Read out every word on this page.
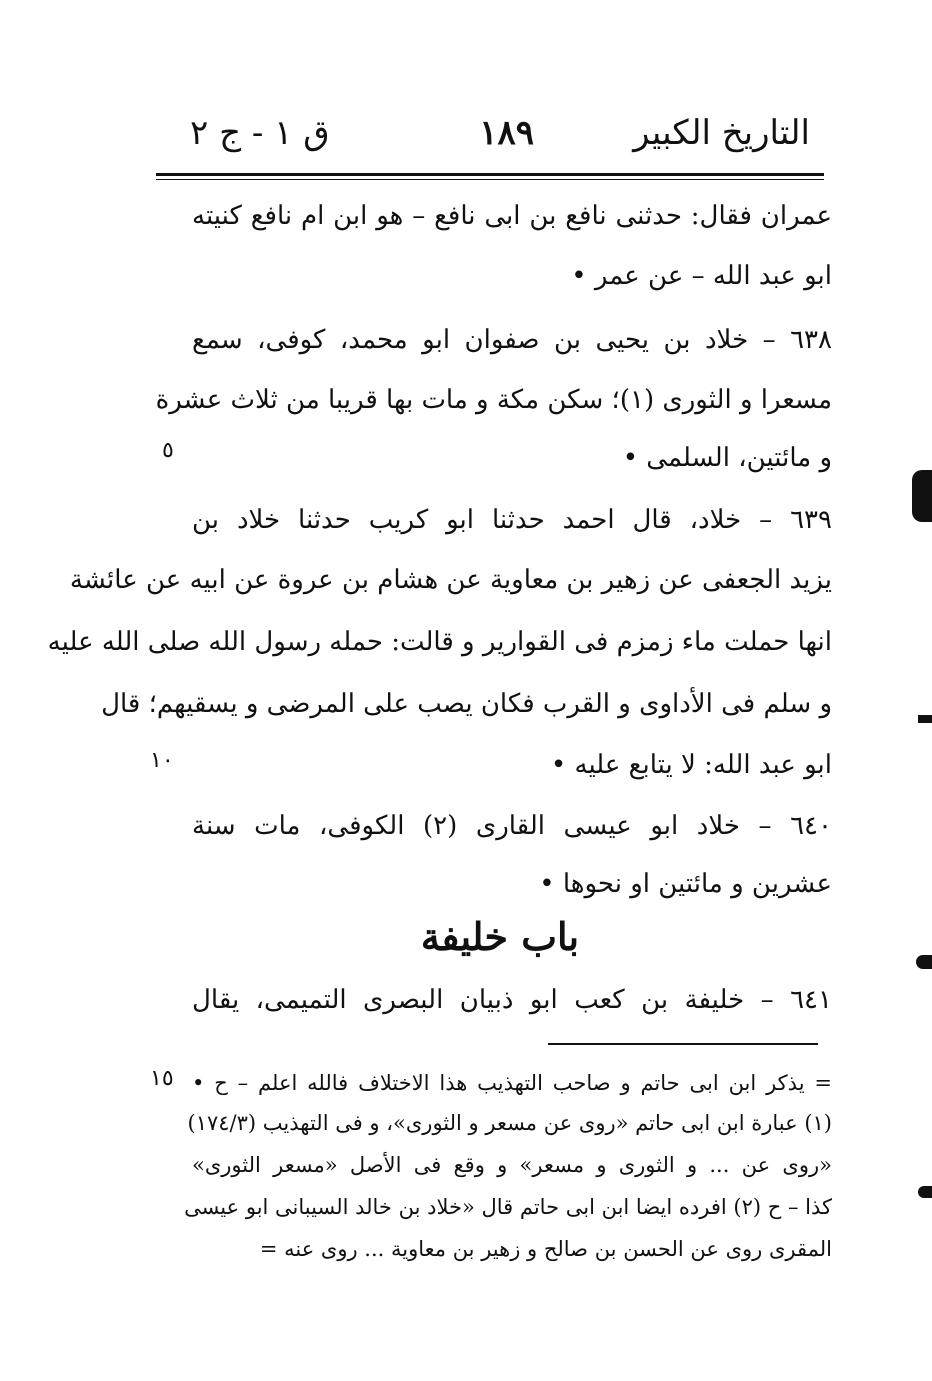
التاريخ الكبير
١٨٩
ق ١ - ج ٢
عمران فقال: حدثنى نافع بن ابى نافع – هو ابن ام نافع كنيته
ابو عبد الله – عن عمر •
٦٣٨ – خلاد بن يحيى بن صفوان ابو محمد، كوفى، سمع
مسعرا و الثورى (١)؛ سكن مكة و مات بها قريبا من ثلاث عشرة
و مائتين، السلمى •
٦٣٩ – خلاد، قال احمد حدثنا ابو كريب حدثنا خلاد بن
يزيد الجعفى عن زهير بن معاوية عن هشام بن عروة عن ابيه عن عائشة
انها حملت ماء زمزم فى القوارير و قالت: حمله رسول الله صلى الله عليه
و سلم فى الأداوى و القرب فكان يصب على المرضى و يسقيهم؛ قال
ابو عبد الله: لا يتابع عليه •
٦٤٠ – خلاد ابو عيسى القارى (٢) الكوفى، مات سنة
عشرين و مائتين او نحوها •
باب خليفة
٦٤١ – خليفة بن كعب ابو ذبيان البصرى التميمى، يقال
= يذكر ابن ابى حاتم و صاحب التهذيب هذا الاختلاف فالله اعلم – ح •
(١) عبارة ابن ابى حاتم «روى عن مسعر و الثورى»، و فى التهذيب (١٧٤/٣)
«روى عن ... و الثورى و مسعر» و وقع فى الأصل «مسعر الثورى»
كذا – ح (٢) افرده ايضا ابن ابى حاتم قال «خلاد بن خالد السيبانى ابو عيسى
المقرى روى عن الحسن بن صالح و زهير بن معاوية ... روى عنه =
٥
١٠
١٥
